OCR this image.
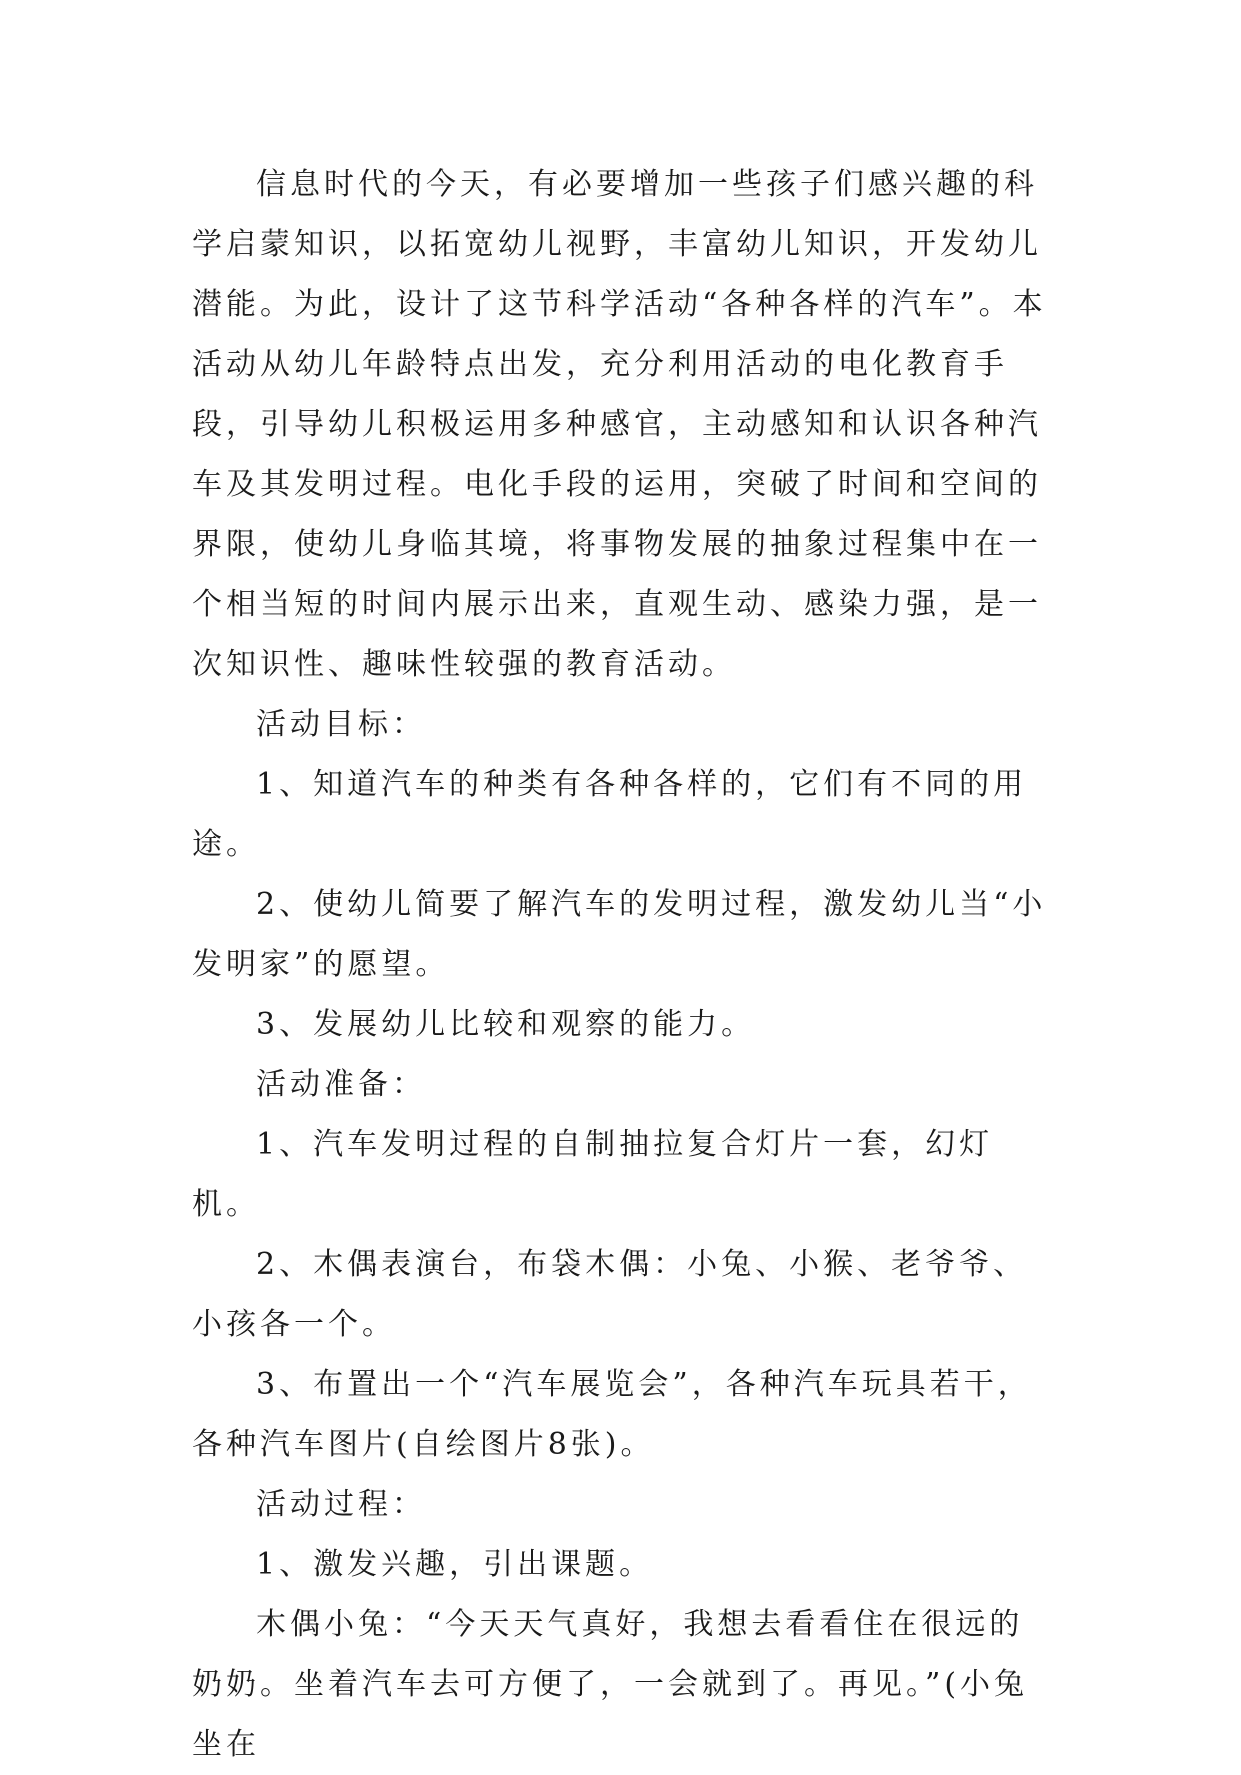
信息时代的今天，有必要增加一些孩子们感兴趣的科学启蒙知识，以拓宽幼儿视野，丰富幼儿知识，开发幼儿潜能。为此，设计了这节科学活动“各种各样的汽车”。本活动从幼儿年龄特点出发，充分利用活动的电化教育手段，引导幼儿积极运用多种感官，主动感知和认识各种汽车及其发明过程。电化手段的运用，突破了时间和空间的界限，使幼儿身临其境，将事物发展的抽象过程集中在一个相当短的时间内展示出来，直观生动、感染力强，是一次知识性、趣味性较强的教育活动。

活动目标：

1、知道汽车的种类有各种各样的，它们有不同的用途。

2、使幼儿简要了解汽车的发明过程，激发幼儿当“小发明家”的愿望。

3、发展幼儿比较和观察的能力。

活动准备：

1、汽车发明过程的自制抽拉复合灯片一套，幻灯机。

2、木偶表演台，布袋木偶：小兔、小猴、老爷爷、小孩各一个。

3、布置出一个“汽车展览会”，各种汽车玩具若干，各种汽车图片(自绘图片8张)。

活动过程：

1、激发兴趣，引出课题。

木偶小兔：“今天天气真好，我想去看看住在很远的奶奶。坐着汽车去可方便了，一会就到了。再见。”(小兔坐在
